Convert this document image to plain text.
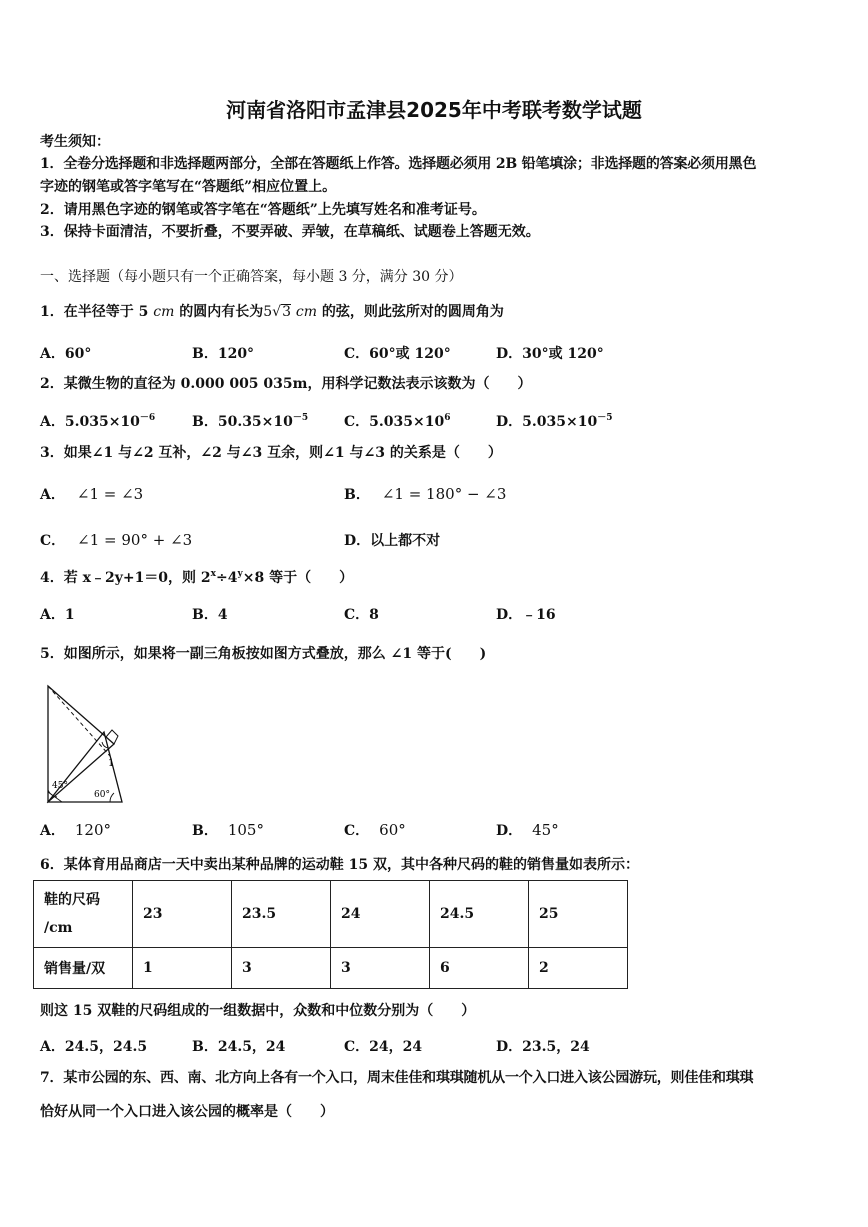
河南省洛阳市孟津县2025年中考联考数学试题
考生须知：
1．全卷分选择题和非选择题两部分，全部在答题纸上作答。选择题必须用 2B 铅笔填涂；非选择题的答案必须用黑色
字迹的钢笔或答字笔写在“答题纸”相应位置上。
2．请用黑色字迹的钢笔或答字笔在“答题纸”上先填写姓名和准考证号。
3．保持卡面清洁，不要折叠，不要弄破、弄皱，在草稿纸、试题卷上答题无效。
一、选择题（每小题只有一个正确答案，每小题 3 分，满分 30 分）
1．在半径等于 5 cm 的圆内有长为5√3 cm 的弦，则此弦所对的圆周角为
A．60°	B．120°	C．60°或 120°	D．30°或 120°
2．某微生物的直径为 0.000 005 035m，用科学记数法表示该数为（　　）
A．$5.035\times 10^{-6}$	B．$50.35\times 10^{-5}$	C．$5.035\times 10^6$	D．$5.035\times 10^{-5}$
3．如果∠1 与∠2 互补，∠2 与∠3 互余，则∠1 与∠3 的关系是（　　）
A． ∠1 = ∠3	B． ∠1 = 180° − ∠3
C． ∠1 = 90° + ∠3	D．以上都不对
4．若 x﹣2y+1＝0，则 $2^x\div 4^y\times 8$ 等于（　　）
A．1	B．4	C．8	D．﹣16
5．如图所示，如果将一副三角板按如图方式叠放，那么 ∠1 等于(　　)
45°
60°
1
A． 120°	B． 105°	C． 60°	D． 45°
6．某体育用品商店一天中卖出某种品牌的运动鞋 15 双，其中各种尺码的鞋的销售量如表所示：
鞋的尺码
/cm	23	23.5	24	24.5	25
销售量/双	1	3	3	6	2
则这 15 双鞋的尺码组成的一组数据中，众数和中位数分别为（　　）
A．24.5，24.5	B．24.5，24	C．24，24	D．23.5，24
7．某市公园的东、西、南、北方向上各有一个入口，周末佳佳和琪琪随机从一个入口进入该公园游玩，则佳佳和琪琪
恰好从同一个入口进入该公园的概率是（　　）
